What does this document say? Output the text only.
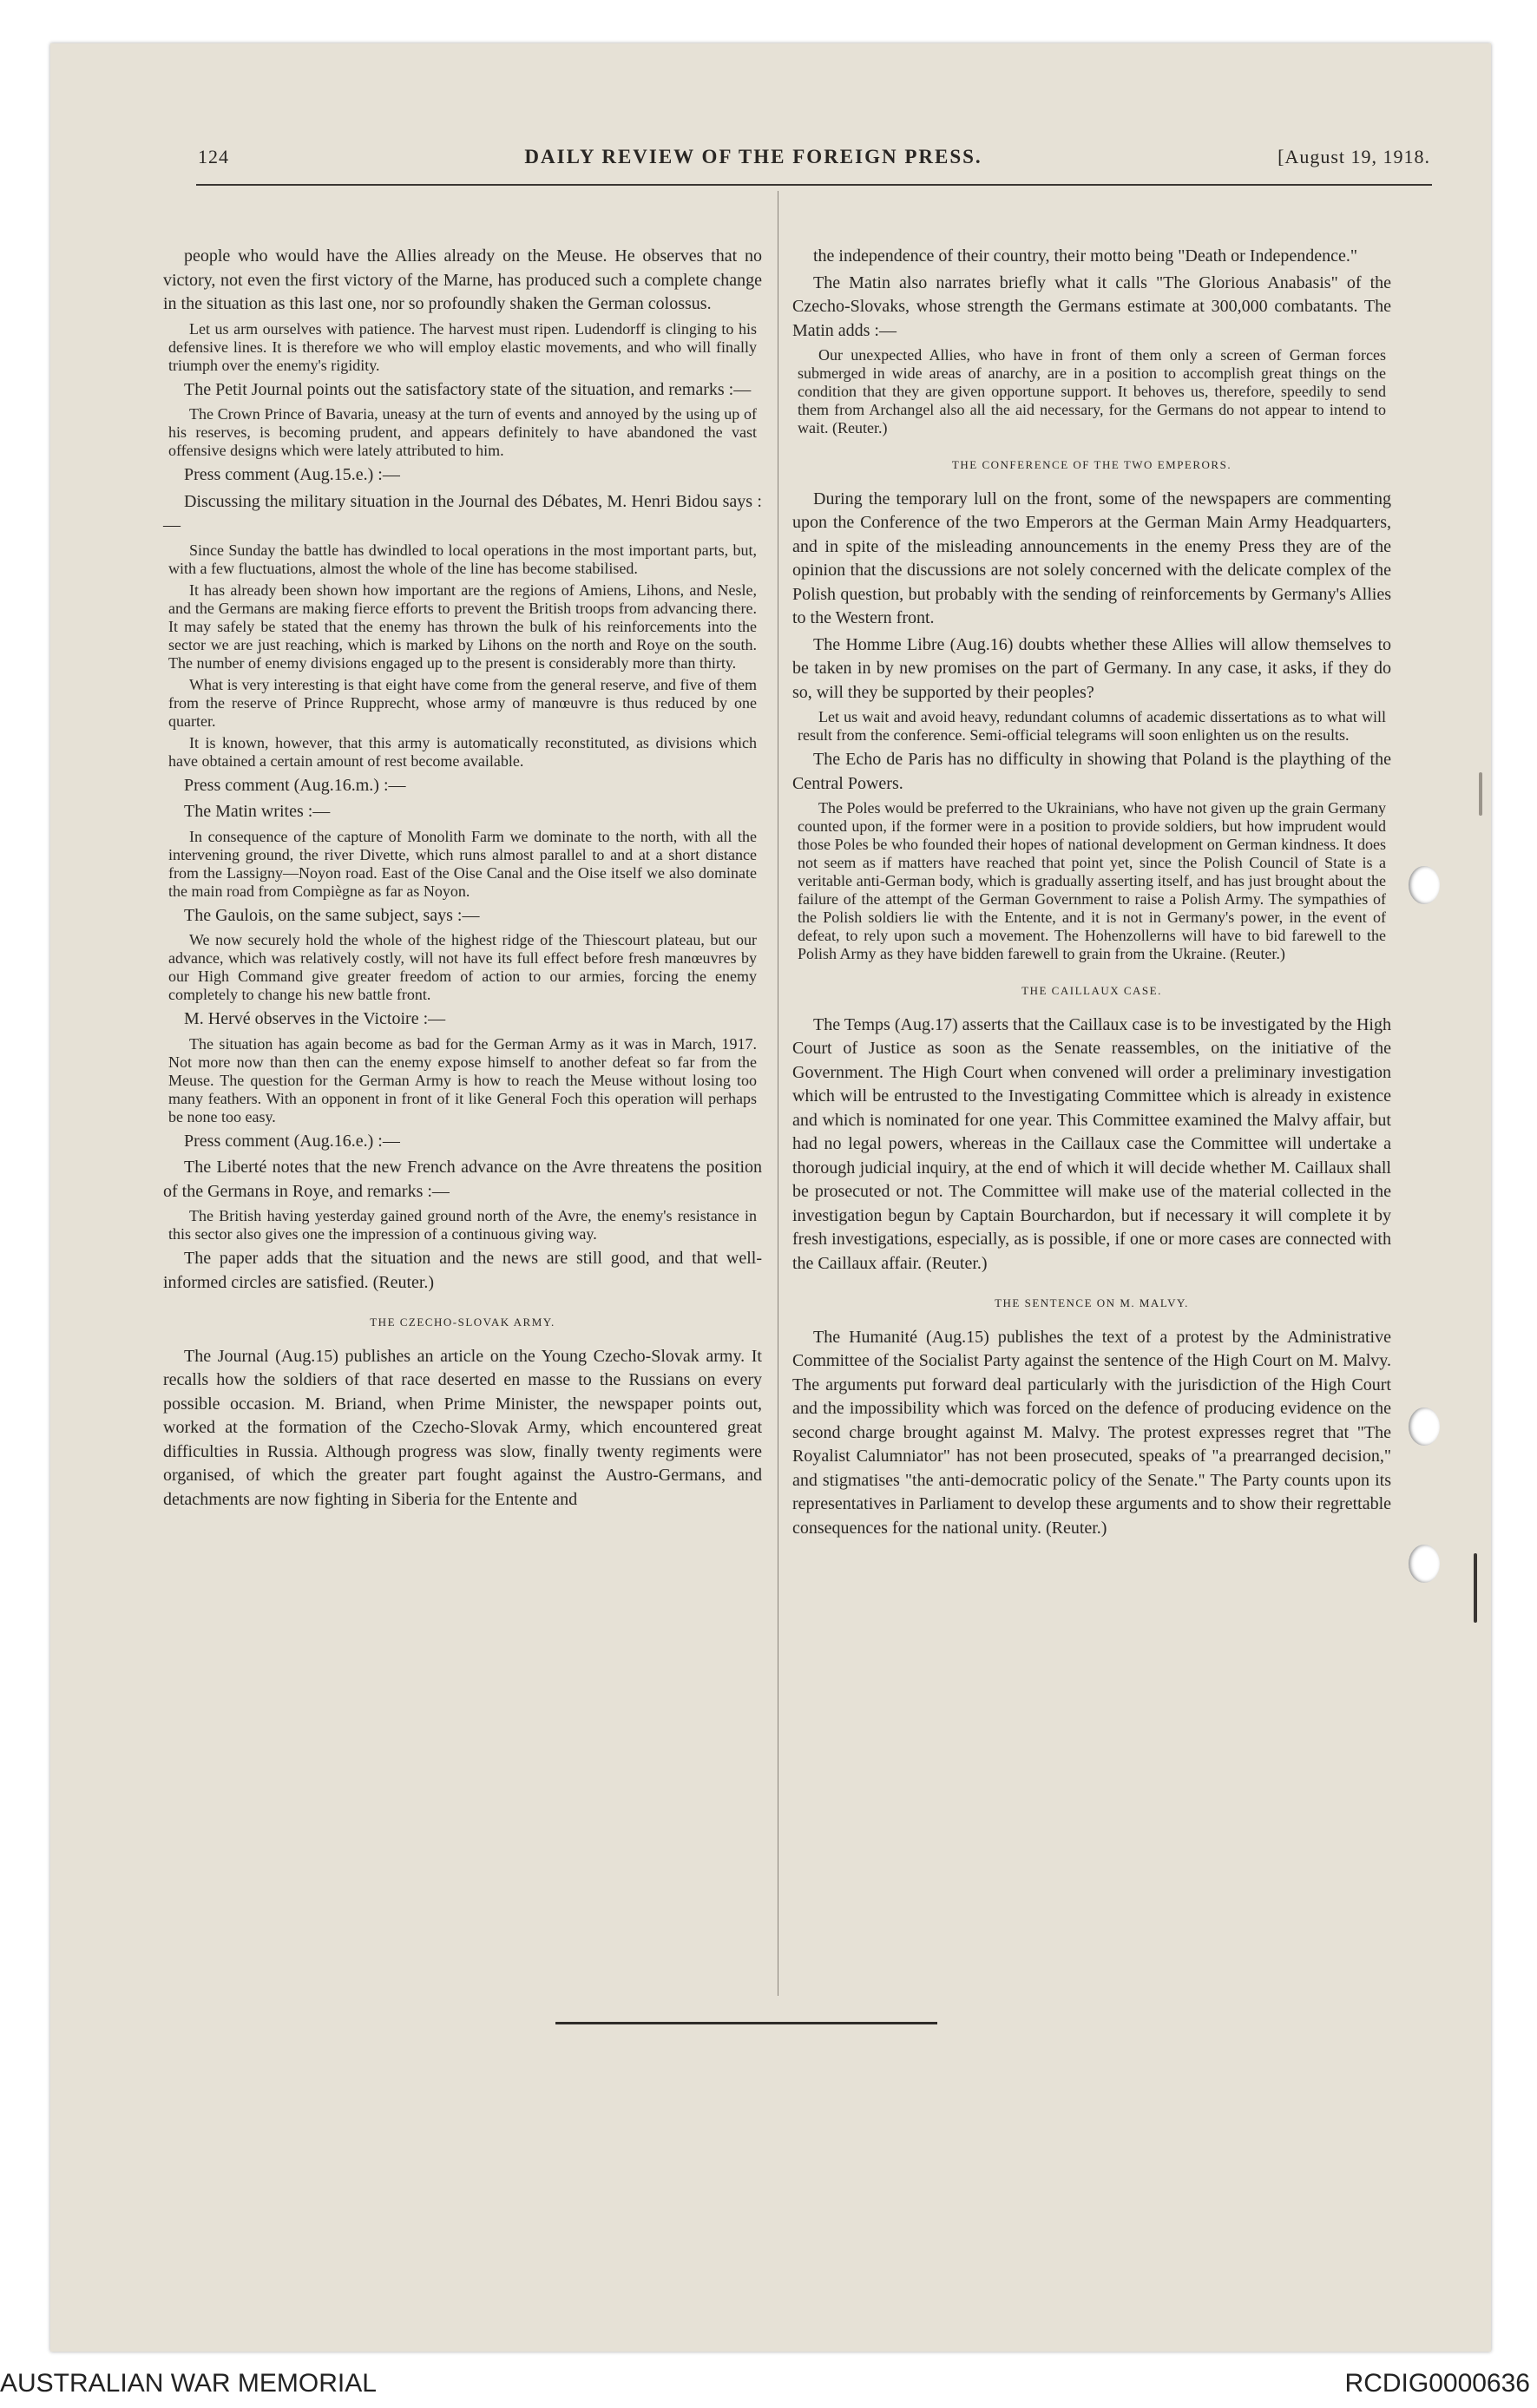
124	DAILY REVIEW OF THE FOREIGN PRESS.	[August 19, 1918.

people who would have the Allies already on the Meuse. He observes that no victory, not even the first victory of the Marne, has produced such a complete change in the situation as this last one, nor so profoundly shaken the German colossus.

Let us arm ourselves with patience. The harvest must ripen. Ludendorff is clinging to his defensive lines. It is therefore we who will employ elastic movements, and who will finally triumph over the enemy's rigidity.

The Petit Journal points out the satisfactory state of the situation, and remarks :—

The Crown Prince of Bavaria, uneasy at the turn of events and annoyed by the using up of his reserves, is becoming prudent, and appears definitely to have abandoned the vast offensive designs which were lately attributed to him.

Press comment (Aug.15.e.) :—

Discussing the military situation in the Journal des Débates, M. Henri Bidou says :—

Since Sunday the battle has dwindled to local operations in the most important parts, but, with a few fluctuations, almost the whole of the line has become stabilised.

It has already been shown how important are the regions of Amiens, Lihons, and Nesle, and the Germans are making fierce efforts to prevent the British troops from advancing there. It may safely be stated that the enemy has thrown the bulk of his reinforcements into the sector we are just reaching, which is marked by Lihons on the north and Roye on the south. The number of enemy divisions engaged up to the present is considerably more than thirty.

What is very interesting is that eight have come from the general reserve, and five of them from the reserve of Prince Rupprecht, whose army of manœuvre is thus reduced by one quarter.

It is known, however, that this army is automatically reconstituted, as divisions which have obtained a certain amount of rest become available.

Press comment (Aug.16.m.) :—

The Matin writes :—

In consequence of the capture of Monolith Farm we dominate to the north, with all the intervening ground, the river Divette, which runs almost parallel to and at a short distance from the Lassigny—Noyon road. East of the Oise Canal and the Oise itself we also dominate the main road from Compiègne as far as Noyon.

The Gaulois, on the same subject, says :—

We now securely hold the whole of the highest ridge of the Thiescourt plateau, but our advance, which was relatively costly, will not have its full effect before fresh manœuvres by our High Command give greater freedom of action to our armies, forcing the enemy completely to change his new battle front.

M. Hervé observes in the Victoire :—

The situation has again become as bad for the German Army as it was in March, 1917. Not more now than then can the enemy expose himself to another defeat so far from the Meuse. The question for the German Army is how to reach the Meuse without losing too many feathers. With an opponent in front of it like General Foch this operation will perhaps be none too easy.

Press comment (Aug.16.e.) :—

The Liberté notes that the new French advance on the Avre threatens the position of the Germans in Roye, and remarks :—

The British having yesterday gained ground north of the Avre, the enemy's resistance in this sector also gives one the impression of a continuous giving way.

The paper adds that the situation and the news are still good, and that well-informed circles are satisfied. (Reuter.)

THE CZECHO-SLOVAK ARMY.

The Journal (Aug.15) publishes an article on the Young Czecho-Slovak army. It recalls how the soldiers of that race deserted en masse to the Russians on every possible occasion. M. Briand, when Prime Minister, the newspaper points out, worked at the formation of the Czecho-Slovak Army, which encountered great difficulties in Russia. Although progress was slow, finally twenty regiments were organised, of which the greater part fought against the Austro-Germans, and detachments are now fighting in Siberia for the Entente and

the independence of their country, their motto being "Death or Independence."

The Matin also narrates briefly what it calls "The Glorious Anabasis" of the Czecho-Slovaks, whose strength the Germans estimate at 300,000 combatants. The Matin adds :—

Our unexpected Allies, who have in front of them only a screen of German forces submerged in wide areas of anarchy, are in a position to accomplish great things on the condition that they are given opportune support. It behoves us, therefore, speedily to send them from Archangel also all the aid necessary, for the Germans do not appear to intend to wait. (Reuter.)

THE CONFERENCE OF THE TWO EMPERORS.

During the temporary lull on the front, some of the newspapers are commenting upon the Conference of the two Emperors at the German Main Army Headquarters, and in spite of the misleading announcements in the enemy Press they are of the opinion that the discussions are not solely concerned with the delicate complex of the Polish question, but probably with the sending of reinforcements by Germany's Allies to the Western front.

The Homme Libre (Aug.16) doubts whether these Allies will allow themselves to be taken in by new promises on the part of Germany. In any case, it asks, if they do so, will they be supported by their peoples?

Let us wait and avoid heavy, redundant columns of academic dissertations as to what will result from the conference. Semi-official telegrams will soon enlighten us on the results.

The Echo de Paris has no difficulty in showing that Poland is the plaything of the Central Powers.

The Poles would be preferred to the Ukrainians, who have not given up the grain Germany counted upon, if the former were in a position to provide soldiers, but how imprudent would those Poles be who founded their hopes of national development on German kindness. It does not seem as if matters have reached that point yet, since the Polish Council of State is a veritable anti-German body, which is gradually asserting itself, and has just brought about the failure of the attempt of the German Government to raise a Polish Army. The sympathies of the Polish soldiers lie with the Entente, and it is not in Germany's power, in the event of defeat, to rely upon such a movement. The Hohenzollerns will have to bid farewell to the Polish Army as they have bidden farewell to grain from the Ukraine. (Reuter.)

THE CAILLAUX CASE.

The Temps (Aug.17) asserts that the Caillaux case is to be investigated by the High Court of Justice as soon as the Senate reassembles, on the initiative of the Government. The High Court when convened will order a preliminary investigation which will be entrusted to the Investigating Committee which is already in existence and which is nominated for one year. This Committee examined the Malvy affair, but had no legal powers, whereas in the Caillaux case the Committee will undertake a thorough judicial inquiry, at the end of which it will decide whether M. Caillaux shall be prosecuted or not. The Committee will make use of the material collected in the investigation begun by Captain Bourchardon, but if necessary it will complete it by fresh investigations, especially, as is possible, if one or more cases are connected with the Caillaux affair. (Reuter.)

THE SENTENCE ON M. MALVY.

The Humanité (Aug.15) publishes the text of a protest by the Administrative Committee of the Socialist Party against the sentence of the High Court on M. Malvy. The arguments put forward deal particularly with the jurisdiction of the High Court and the impossibility which was forced on the defence of producing evidence on the second charge brought against M. Malvy. The protest expresses regret that "The Royalist Calumniator" has not been prosecuted, speaks of "a prearranged decision," and stigmatises "the anti-democratic policy of the Senate." The Party counts upon its representatives in Parliament to develop these arguments and to show their regrettable consequences for the national unity. (Reuter.)

AUSTRALIAN WAR MEMORIAL	RCDIG0000636
